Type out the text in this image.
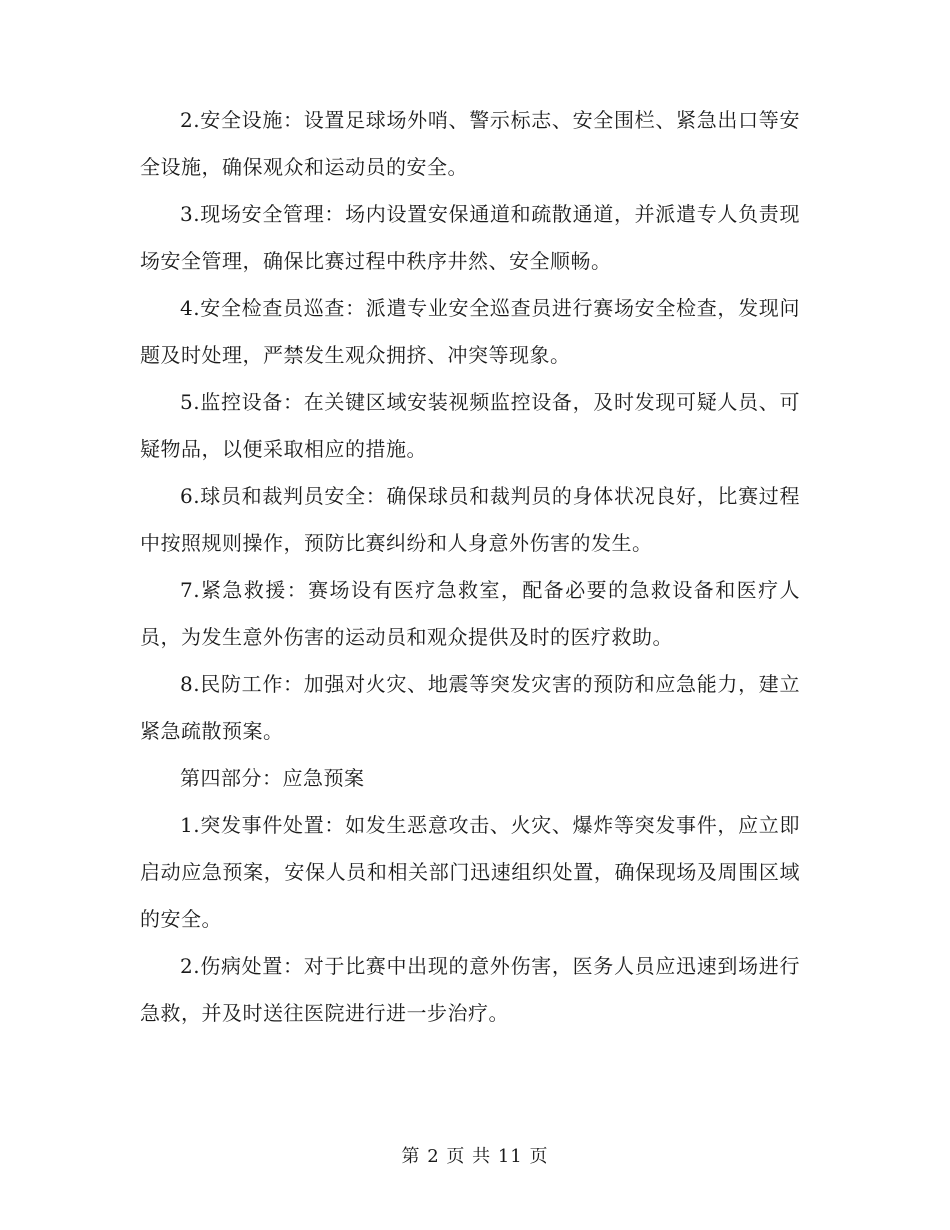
2.安全设施：设置足球场外哨、警示标志、安全围栏、紧急出口等安全设施，确保观众和运动员的安全。

3.现场安全管理：场内设置安保通道和疏散通道，并派遣专人负责现场安全管理，确保比赛过程中秩序井然、安全顺畅。

4.安全检查员巡查：派遣专业安全巡查员进行赛场安全检查，发现问题及时处理，严禁发生观众拥挤、冲突等现象。

5.监控设备：在关键区域安装视频监控设备，及时发现可疑人员、可疑物品，以便采取相应的措施。

6.球员和裁判员安全：确保球员和裁判员的身体状况良好，比赛过程中按照规则操作，预防比赛纠纷和人身意外伤害的发生。

7.紧急救援：赛场设有医疗急救室，配备必要的急救设备和医疗人员，为发生意外伤害的运动员和观众提供及时的医疗救助。

8.民防工作：加强对火灾、地震等突发灾害的预防和应急能力，建立紧急疏散预案。

第四部分：应急预案

1.突发事件处置：如发生恶意攻击、火灾、爆炸等突发事件，应立即启动应急预案，安保人员和相关部门迅速组织处置，确保现场及周围区域的安全。

2.伤病处置：对于比赛中出现的意外伤害，医务人员应迅速到场进行急救，并及时送往医院进行进一步治疗。

第 2 页 共 11 页
